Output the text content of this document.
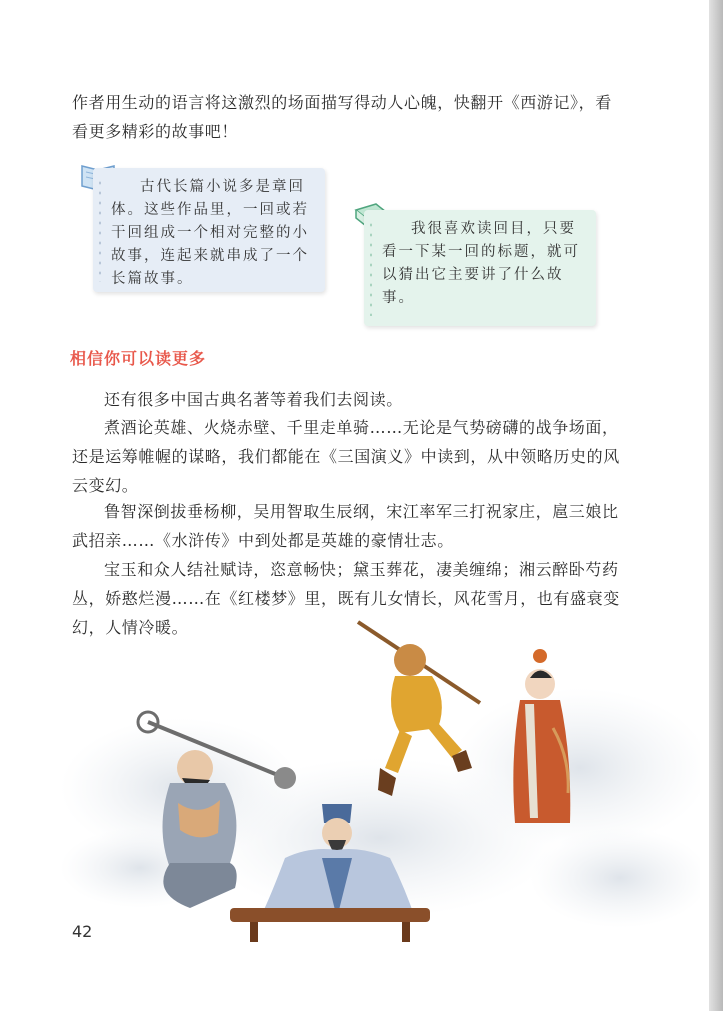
作者用生动的语言将这激烈的场面描写得动人心魄，快翻开《西游记》，看看更多精彩的故事吧！

古代长篇小说多是章回体。这些作品里，一回或若干回组成一个相对完整的小故事，连起来就串成了一个长篇故事。

我很喜欢读回目，只要看一下某一回的标题，就可以猜出它主要讲了什么故事。

相信你可以读更多

还有很多中国古典名著等着我们去阅读。

煮酒论英雄、火烧赤壁、千里走单骑……无论是气势磅礴的战争场面，还是运筹帷幄的谋略，我们都能在《三国演义》中读到，从中领略历史的风云变幻。

鲁智深倒拔垂杨柳，吴用智取生辰纲，宋江率军三打祝家庄，扈三娘比武招亲……《水浒传》中到处都是英雄的豪情壮志。

宝玉和众人结社赋诗，恣意畅快；黛玉葬花，凄美缠绵；湘云醉卧芍药丛，娇憨烂漫……在《红楼梦》里，既有儿女情长，风花雪月，也有盛衰变幻，人情冷暖。

42
